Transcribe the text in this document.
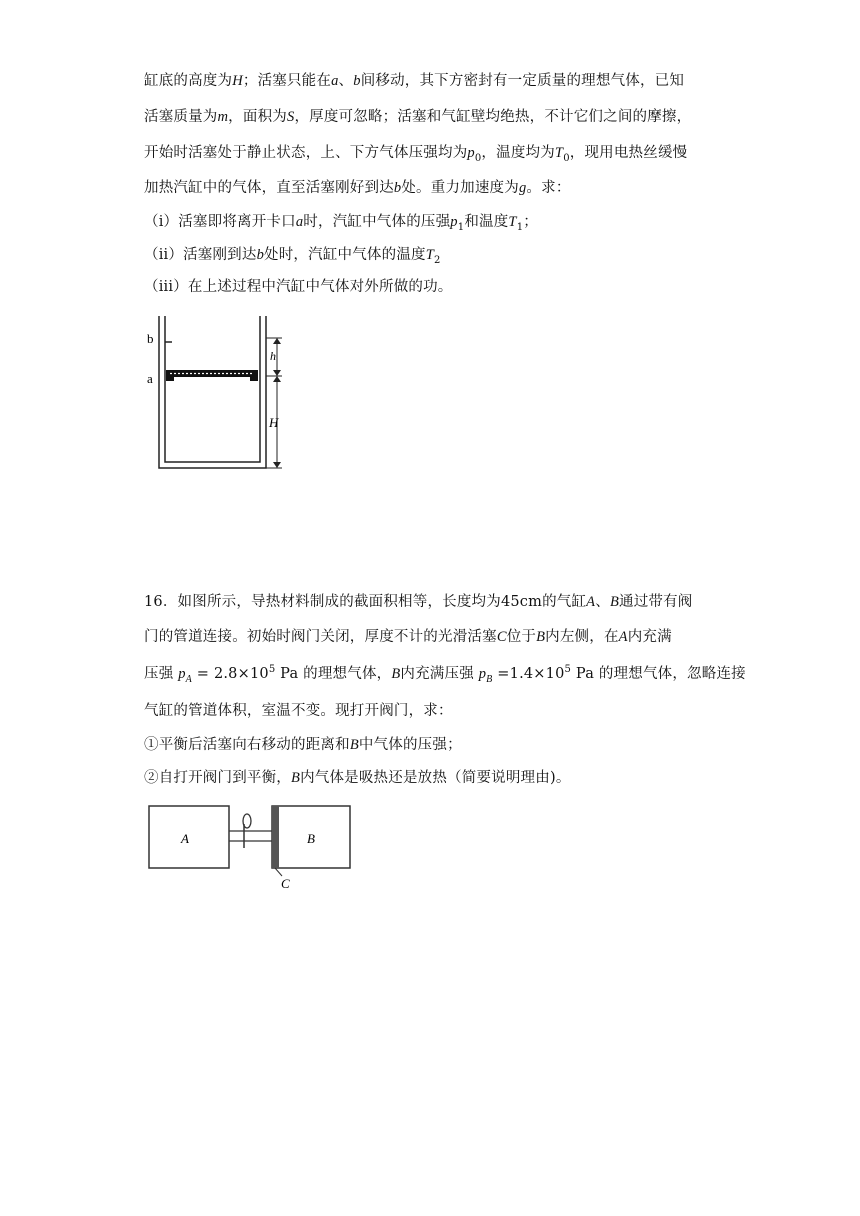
缸底的高度为H；活塞只能在a、b间移动，其下方密封有一定质量的理想气体，已知
活塞质量为m，面积为S，厚度可忽略；活塞和气缸壁均绝热，不计它们之间的摩擦，
开始时活塞处于静止状态，上、下方气体压强均为$p_0$，温度均为$T_0$，现用电热丝缓慢
加热汽缸中的气体，直至活塞刚好到达b处。重力加速度为g。求：
（i）活塞即将离开卡口a时，汽缸中气体的压强$p_1$和温度$T_1$；
（ii）活塞刚到达b处时，汽缸中气体的温度$T_2$
（iii）在上述过程中汽缸中气体对外所做的功。
b
a
h
H
16．如图所示，导热材料制成的截面积相等，长度均为45cm的气缸A、B通过带有阀
门的管道连接。初始时阀门关闭，厚度不计的光滑活塞C位于B内左侧，在A内充满
压强 $p_A = 2.8\times 10^5$ Pa 的理想气体，B内充满压强 $p_B =1.4\times 10^5$ Pa 的理想气体，忽略连接
气缸的管道体积，室温不变。现打开阀门，求：
①平衡后活塞向右移动的距离和B中气体的压强；
②自打开阀门到平衡，B内气体是吸热还是放热（简要说明理由)。
A	B
C
